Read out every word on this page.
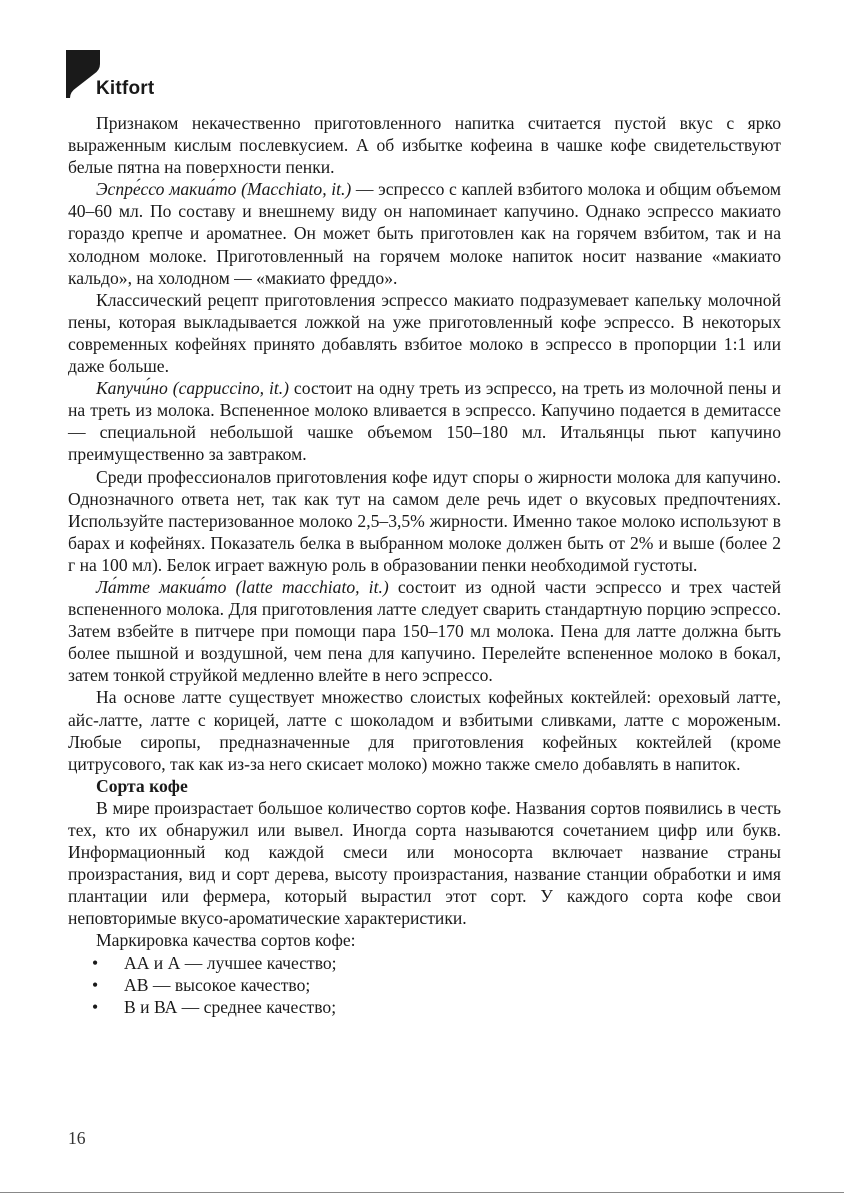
Kitfort

Признаком некачественно приготовленного напитка считается пустой вкус с ярко выраженным кислым послевкусием. А об избытке кофеина в чашке кофе свидетельствуют белые пятна на поверхности пенки.

Эспре́ссо макиа́то (Macchiato, it.) — эспрессо с каплей взбитого молока и общим объемом 40–60 мл. По составу и внешнему виду он напоминает капучино. Однако эспрессо макиато гораздо крепче и ароматнее. Он может быть приготовлен как на горячем взбитом, так и на холодном молоке. Приготовленный на горячем молоке напиток носит название «макиато кальдо», на холодном — «макиато фреддо».

Классический рецепт приготовления эспрессо макиато подразумевает капельку молочной пены, которая выкладывается ложкой на уже приготовленный кофе эспрессо. В некоторых современных кофейнях принято добавлять взбитое молоко в эспрессо в пропорции 1:1 или даже больше.

Капучи́но (cappuccino, it.) состоит на одну треть из эспрессо, на треть из молочной пены и на треть из молока. Вспененное молоко вливается в эспрессо. Капучино подается в демитассе — специальной небольшой чашке объемом 150–180 мл. Итальянцы пьют капучино преимущественно за завтраком.

Среди профессионалов приготовления кофе идут споры о жирности молока для капучино. Однозначного ответа нет, так как тут на самом деле речь идет о вкусовых предпочтениях. Используйте пастеризованное молоко 2,5–3,5% жирности. Именно такое молоко используют в барах и кофейнях. Показатель белка в выбранном молоке должен быть от 2% и выше (более 2 г на 100 мл). Белок играет важную роль в образовании пенки необходимой густоты.

Ла́тте макиа́то (latte macchiato, it.) состоит из одной части эспрессо и трех частей вспененного молока. Для приготовления латте следует сварить стандартную порцию эспрессо. Затем взбейте в питчере при помощи пара 150–170 мл молока. Пена для латте должна быть более пышной и воздушной, чем пена для капучино. Перелейте вспененное молоко в бокал, затем тонкой струйкой медленно влейте в него эспрессо.

На основе латте существует множество слоистых кофейных коктейлей: ореховый латте, айс-латте, латте с корицей, латте с шоколадом и взбитыми сливками, латте с мороженым. Любые сиропы, предназначенные для приготовления кофейных коктейлей (кроме цитрусового, так как из-за него скисает молоко) можно также смело добавлять в напиток.

Сорта кофе

В мире произрастает большое количество сортов кофе. Названия сортов появились в честь тех, кто их обнаружил или вывел. Иногда сорта называются сочетанием цифр или букв. Информационный код каждой смеси или моносорта включает название страны произрастания, вид и сорт дерева, высоту произрастания, название станции обработки и имя плантации или фермера, который вырастил этот сорт. У каждого сорта кофе свои неповторимые вкусо-ароматические характеристики.

Маркировка качества сортов кофе:

• АА и А — лучшее качество;
• АВ — высокое качество;
• В и ВА — среднее качество;
16
